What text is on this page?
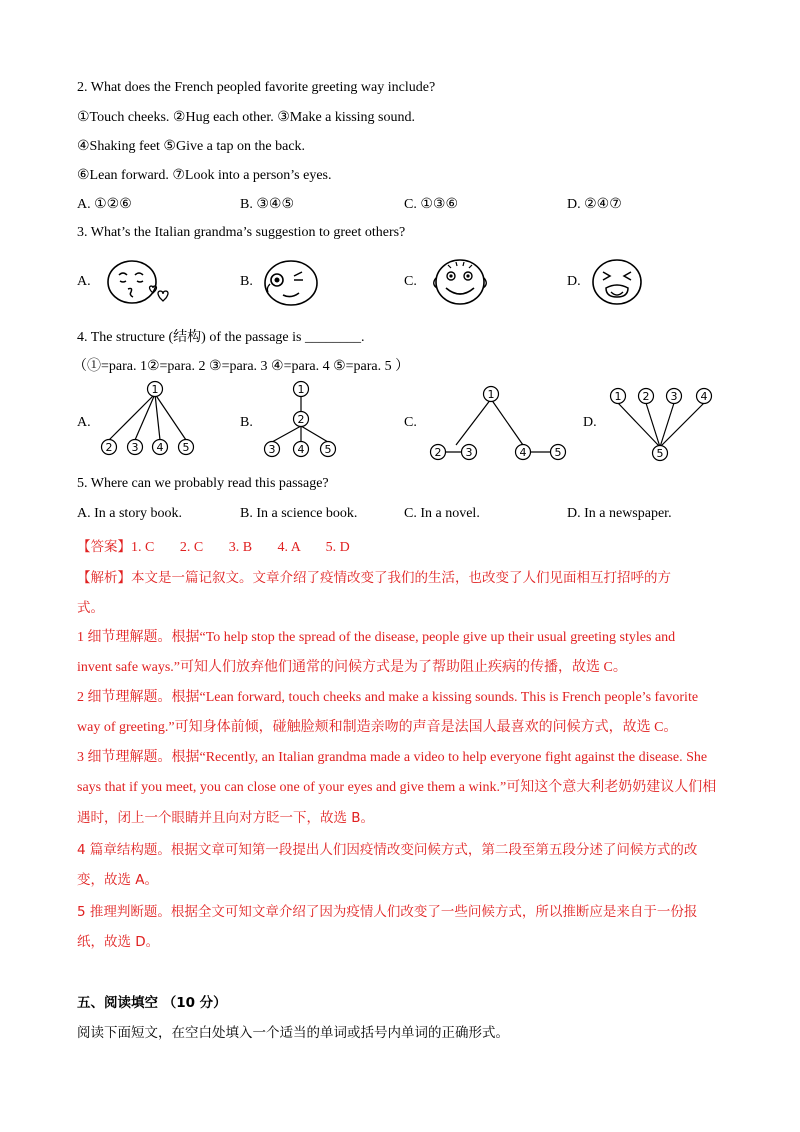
2. What does the French peopled favorite greeting way include?
①Touch cheeks. ②Hug each other. ③Make a kissing sound.
④Shaking feet ⑤Give a tap on the back.
⑥Lean forward. ⑦Look into a person’s eyes.
A. ①②⑥	B. ③④⑤	C. ①③⑥	D. ②④⑦
3. What’s the Italian grandma’s suggestion to greet others?
A.	B.	C.	D.
4. The structure (结构) of the passage is ________.
（①=para. 1②=para. 2 ③=para. 3 ④=para. 4 ⑤=para. 5 ）
A.
1
2 3 4 5
B.
1
2
3 4 5
C.
1
2 3	4	5
D.
1 2 3 4
5
5. Where can we probably read this passage?
A. In a story book.	B. In a science book.	C. In a novel.	D. In a newspaper.
【答案】1. C 2. C 3. B 4. A 5. D
【解析】本文是一篇记叙文。文章介绍了疫情改变了我们的生活，也改变了人们见面相互打招呼的方
式。
1 细节理解题。根据“To help stop the spread of the disease, people give up their usual greeting styles and
invent safe ways.”可知人们放弃他们通常的问候方式是为了帮助阻止疾病的传播，故选 C。
2 细节理解题。根据“Lean forward, touch cheeks and make a kissing sounds. This is French people’s favorite
way of greeting.”可知身体前倾，碰触脸颊和制造亲吻的声音是法国人最喜欢的问候方式，故选 C。
3 细节理解题。根据“Recently, an Italian grandma made a video to help everyone fight against the disease. She
says that if you meet, you can close one of your eyes and give them a wink.”可知这个意大利老奶奶建议人们相
遇时，闭上一个眼睛并且向对方眨一下，故选 B。
4 篇章结构题。根据文章可知第一段提出人们因疫情改变问候方式，第二段至第五段分述了问候方式的改
变，故选 A。
5 推理判断题。根据全文可知文章介绍了因为疫情人们改变了一些问候方式，所以推断应是来自于一份报
纸，故选 D。
五、阅读填空 （10 分）
阅读下面短文，在空白处填入一个适当的单词或括号内单词的正确形式。
